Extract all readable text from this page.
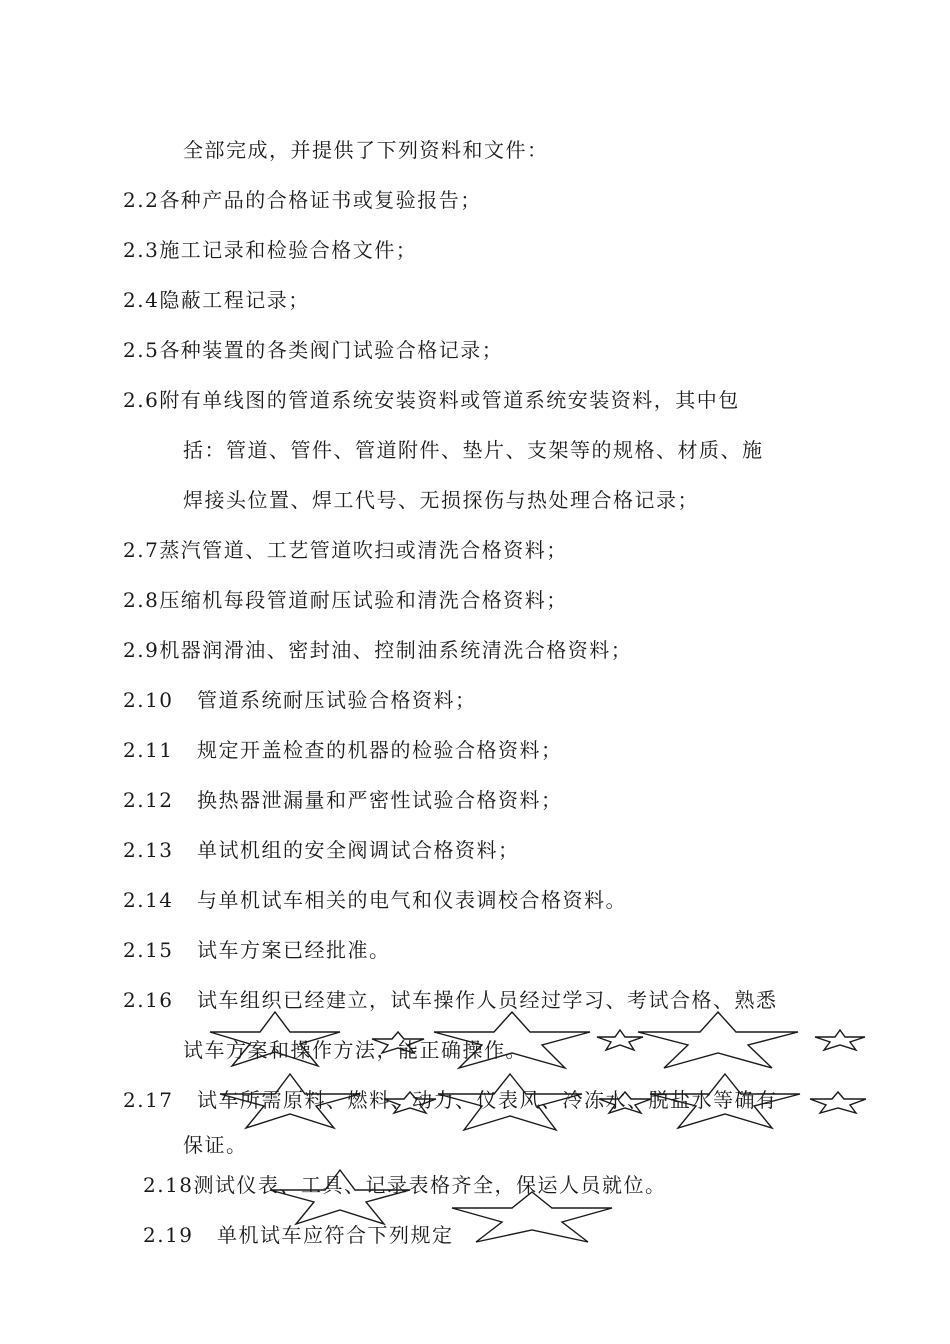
全部完成，并提供了下列资料和文件：
2.2各种产品的合格证书或复验报告；
2.3施工记录和检验合格文件；
2.4隐蔽工程记录；
2.5各种装置的各类阀门试验合格记录；
2.6附有单线图的管道系统安装资料或管道系统安装资料，其中包
括：管道、管件、管道附件、垫片、支架等的规格、材质、施
焊接头位置、焊工代号、无损探伤与热处理合格记录；
2.7蒸汽管道、工艺管道吹扫或清洗合格资料；
2.8压缩机每段管道耐压试验和清洗合格资料；
2.9机器润滑油、密封油、控制油系统清洗合格资料；
2.10 管道系统耐压试验合格资料；
2.11 规定开盖检查的机器的检验合格资料；
2.12 换热器泄漏量和严密性试验合格资料；
2.13 单试机组的安全阀调试合格资料；
2.14 与单机试车相关的电气和仪表调校合格资料。
2.15 试车方案已经批准。
2.16 试车组织已经建立，试车操作人员经过学习、考试合格、熟悉
试车方案和操作方法，能正确操作。
2.17 试车所需原料、燃料、动力、仪表风、冷冻水、脱盐水等确有
保证。
2.18测试仪表、工具、记录表格齐全，保运人员就位。
2.19 单机试车应符合下列规定
